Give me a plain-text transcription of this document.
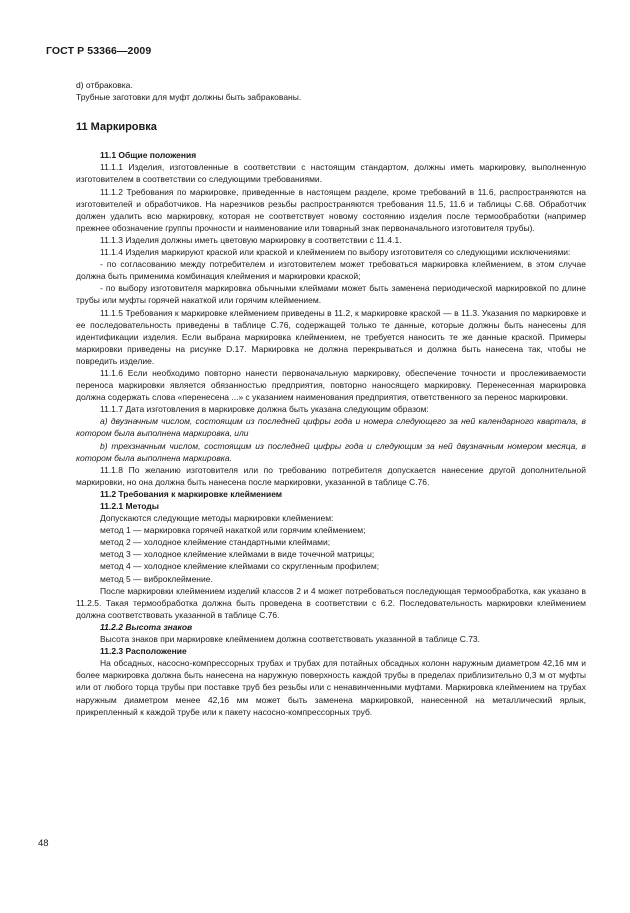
ГОСТ Р 53366—2009

d) отбраковка.

Трубные заготовки для муфт должны быть забракованы.

11 Маркировка

11.1 Общие положения

11.1.1 Изделия, изготовленные в соответствии с настоящим стандартом, должны иметь маркировку, выполненную изготовителем в соответствии со следующими требованиями.

11.1.2 Требования по маркировке, приведенные в настоящем разделе, кроме требований в 11.6, распространяются на изготовителей и обработчиков. На нарезчиков резьбы распространяются требования 11.5, 11.6 и таблицы С.68. Обработчик должен удалить всю маркировку, которая не соответствует новому состоянию изделия после термообработки (например прежнее обозначение группы прочности и наименование или товарный знак первоначального изготовителя трубы).

11.1.3 Изделия должны иметь цветовую маркировку в соответствии с 11.4.1.

11.1.4 Изделия маркируют краской или краской и клеймением по выбору изготовителя со следующими исключениями:

- по согласованию между потребителем и изготовителем может требоваться маркировка клеймением, в этом случае должна быть применима комбинация клеймения и маркировки краской;

- по выбору изготовителя маркировка обычными клеймами может быть заменена периодической маркировкой по длине трубы или муфты горячей накаткой или горячим клеймением.

11.1.5 Требования к маркировке клеймением приведены в 11.2, к маркировке краской — в 11.3. Указания по маркировке и ее последовательность приведены в таблице С.76, содержащей только те данные, которые должны быть нанесены для идентификации изделия. Если выбрана маркировка клеймением, не требуется наносить те же данные краской. Примеры маркировки приведены на рисунке D.17. Маркировка не должна перекрываться и должна быть нанесена так, чтобы не повредить изделие.

11.1.6 Если необходимо повторно нанести первоначальную маркировку, обеспечение точности и прослеживаемости переноса маркировки является обязанностью предприятия, повторно наносящего маркировку. Перенесенная маркировка должна содержать слова «перенесена ...» с указанием наименования предприятия, ответственного за перенос маркировки.

11.1.7 Дата изготовления в маркировке должна быть указана следующим образом:

а) двузначным числом, состоящим из последней цифры года и номера следующего за ней календарного квартала, в котором была выполнена маркировка, или

b) трехзначным числом, состоящим из последней цифры года и следующим за ней двузначным номером месяца, в котором была выполнена маркировка.

11.1.8 По желанию изготовителя или по требованию потребителя допускается нанесение другой дополнительной маркировки, но она должна быть нанесена после маркировки, указанной в таблице С.76.

11.2 Требования к маркировке клеймением

11.2.1 Методы

Допускаются следующие методы маркировки клеймением:

метод 1 — маркировка горячей накаткой или горячим клеймением;

метод 2 — холодное клеймение стандартными клеймами;

метод 3 — холодное клеймение клеймами в виде точечной матрицы;

метод 4 — холодное клеймение клеймами со скругленным профилем;

метод 5 — виброклеймение.

После маркировки клеймением изделий классов 2 и 4 может потребоваться последующая термообработка, как указано в 11.2.5. Такая термообработка должна быть проведена в соответствии с 6.2. Последовательность маркировки клеймением должна соответствовать указанной в таблице С.76.

11.2.2 Высота знаков

Высота знаков при маркировке клеймением должна соответствовать указанной в таблице С.73.

11.2.3 Расположение

На обсадных, насосно-компрессорных трубах и трубах для потайных обсадных колонн наружным диаметром 42,16 мм и более маркировка должна быть нанесена на наружную поверхность каждой трубы в пределах приблизительно 0,3 м от муфты или от любого торца трубы при поставке труб без резьбы или с ненавинченными муфтами. Маркировка клеймением на трубах наружным диаметром менее 42,16 мм может быть заменена маркировкой, нанесенной на металлический ярлык, прикрепленный к каждой трубе или к пакету насосно-компрессорных труб.

48
